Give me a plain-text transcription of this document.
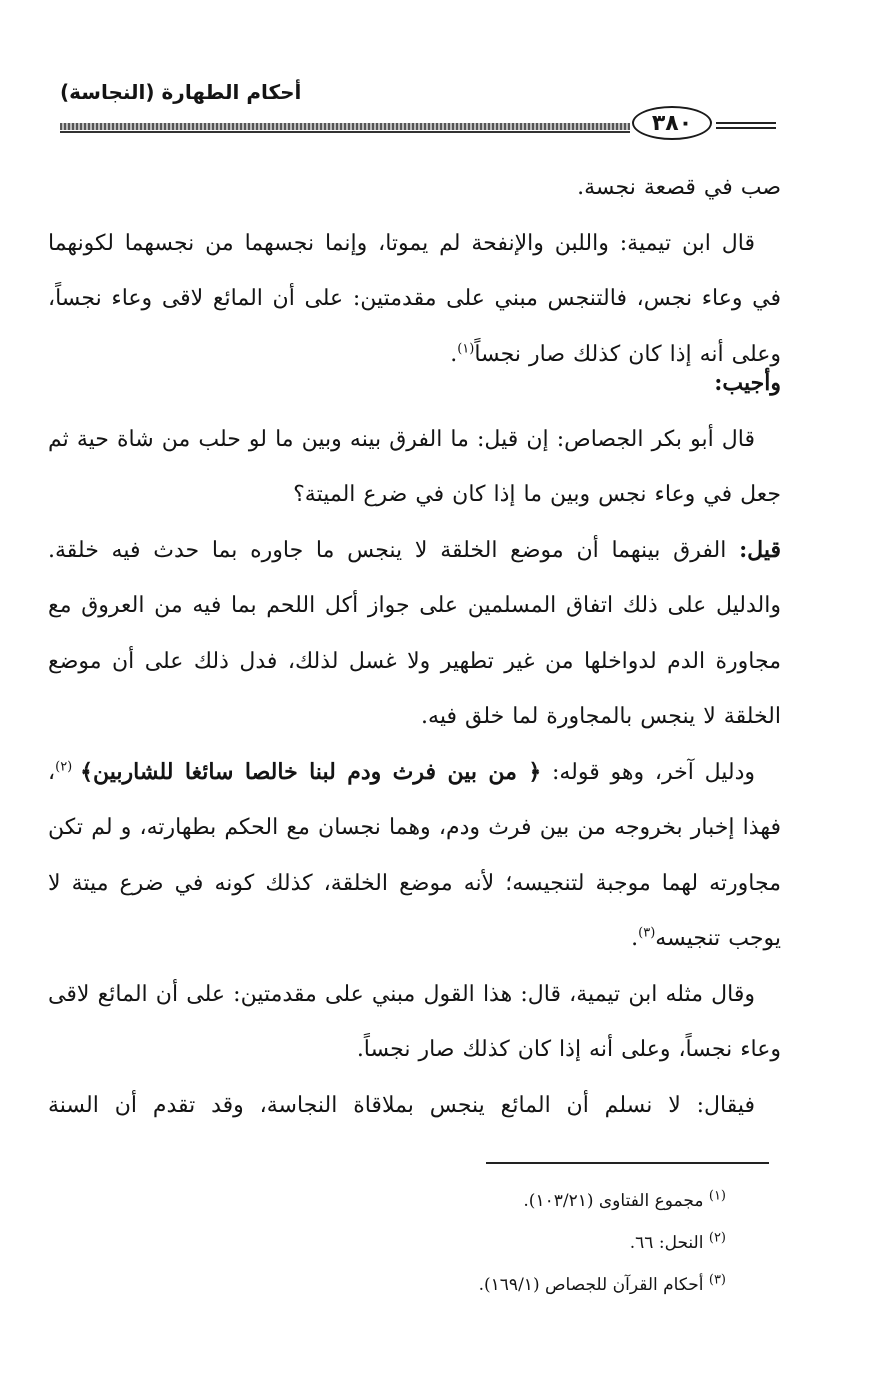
أحكام الطهارة (النجاسة)
٣٨٠

صب في قصعة نجسة.

قال ابن تيمية: واللبن والإنفحة لم يموتا، وإنما نجسهما من نجسهما لكونهما في وعاء نجس، فالتنجس مبني على مقدمتين: على أن المائع لاقى وعاء نجساً، وعلى أنه إذا كان كذلك صار نجساً$^{(١)}$.

وأجيب:

قال أبو بكر الجصاص: إن قيل: ما الفرق بينه وبين ما لو حلب من شاة حية ثم جعل في وعاء نجس وبين ما إذا كان في ضرع الميتة؟

قيل: الفرق بينهما أن موضع الخلقة لا ينجس ما جاوره بما حدث فيه خلقة. والدليل على ذلك اتفاق المسلمين على جواز أكل اللحم بما فيه من العروق مع مجاورة الدم لدواخلها من غير تطهير ولا غسل لذلك، فدل ذلك على أن موضع الخلقة لا ينجس بالمجاورة لما خلق فيه.

ودليل آخر، وهو قوله: ﴿ من بين فرث ودم لبنا خالصا سائغا للشاربين﴾ $^{(٢)}$، فهذا إخبار بخروجه من بين فرث ودم، وهما نجسان مع الحكم بطهارته، و لم تكن مجاورته لهما موجبة لتنجيسه؛ لأنه موضع الخلقة، كذلك كونه في ضرع ميتة لا يوجب تنجيسه$^{(٣)}$.

وقال مثله ابن تيمية، قال: هذا القول مبني على مقدمتين: على أن المائع لاقى وعاء نجساً، وعلى أنه إذا كان كذلك صار نجساً.

فيقال: لا نسلم أن المائع ينجس بملاقاة النجاسة، وقد تقدم أن السنة

$^{(١)}$ مجموع الفتاوى (١٠٣/٢١).

$^{(٢)}$ النحل: ٦٦.

$^{(٣)}$ أحكام القرآن للجصاص (١٦٩/١).
